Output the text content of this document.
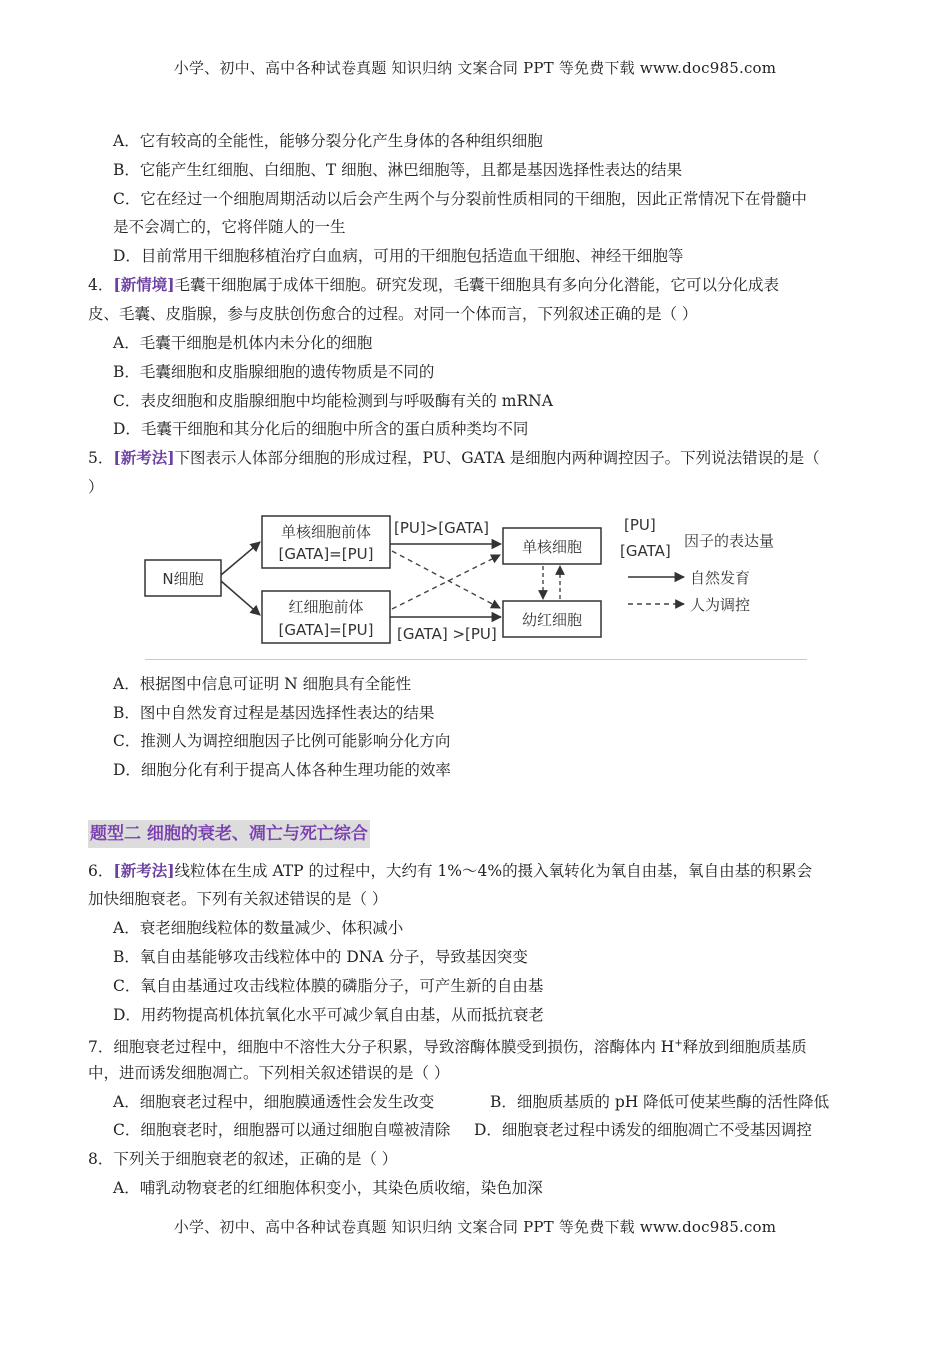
小学、初中、高中各种试卷真题 知识归纳 文案合同 PPT 等免费下载 www.doc985.com
A．它有较高的全能性，能够分裂分化产生身体的各种组织细胞
B．它能产生红细胞、白细胞、T 细胞、淋巴细胞等，且都是基因选择性表达的结果
C．它在经过一个细胞周期活动以后会产生两个与分裂前性质相同的干细胞，因此正常情况下在骨髓中
是不会凋亡的，它将伴随人的一生
D．目前常用干细胞移植治疗白血病，可用的干细胞包括造血干细胞、神经干细胞等
4．[新情境]毛囊干细胞属于成体干细胞。研究发现，毛囊干细胞具有多向分化潜能，它可以分化成表
皮、毛囊、皮脂腺，参与皮肤创伤愈合的过程。对同一个体而言，下列叙述正确的是（ ）
A．毛囊干细胞是机体内未分化的细胞
B．毛囊细胞和皮脂腺细胞的遗传物质是不同的
C．表皮细胞和皮脂腺细胞中均能检测到与呼吸酶有关的 mRNA
D．毛囊干细胞和其分化后的细胞中所含的蛋白质种类均不同
5．[新考法]下图表示人体部分细胞的形成过程，PU、GATA 是细胞内两种调控因子。下列说法错误的是（
）
N细胞
单核细胞前体
[GATA]=[PU]
红细胞前体
[GATA]=[PU]
单核细胞
幼红细胞
[PU]>[GATA]
[GATA] >[PU]
[PU]
[GATA]
因子的表达量
自然发育
人为调控
A．根据图中信息可证明 N 细胞具有全能性
B．图中自然发育过程是基因选择性表达的结果
C．推测人为调控细胞因子比例可能影响分化方向
D．细胞分化有利于提高人体各种生理功能的效率
题型二 细胞的衰老、凋亡与死亡综合
6．[新考法]线粒体在生成 ATP 的过程中，大约有 1%～4%的摄入氧转化为氧自由基，氧自由基的积累会
加快细胞衰老。下列有关叙述错误的是（ ）
A．衰老细胞线粒体的数量减少、体积减小
B．氧自由基能够攻击线粒体中的 DNA 分子，导致基因突变
C．氧自由基通过攻击线粒体膜的磷脂分子，可产生新的自由基
D．用药物提高机体抗氧化水平可减少氧自由基，从而抵抗衰老
7．细胞衰老过程中，细胞中不溶性大分子积累，导致溶酶体膜受到损伤，溶酶体内 H+释放到细胞质基质
中，进而诱发细胞凋亡。下列相关叙述错误的是（ ）
A．细胞衰老过程中，细胞膜通透性会发生改变	B．细胞质基质的 pH 降低可使某些酶的活性降低
C．细胞衰老时，细胞器可以通过细胞自噬被清除 D．细胞衰老过程中诱发的细胞凋亡不受基因调控
8．下列关于细胞衰老的叙述，正确的是（ ）
A．哺乳动物衰老的红细胞体积变小，其染色质收缩，染色加深
小学、初中、高中各种试卷真题 知识归纳 文案合同 PPT 等免费下载 www.doc985.com
